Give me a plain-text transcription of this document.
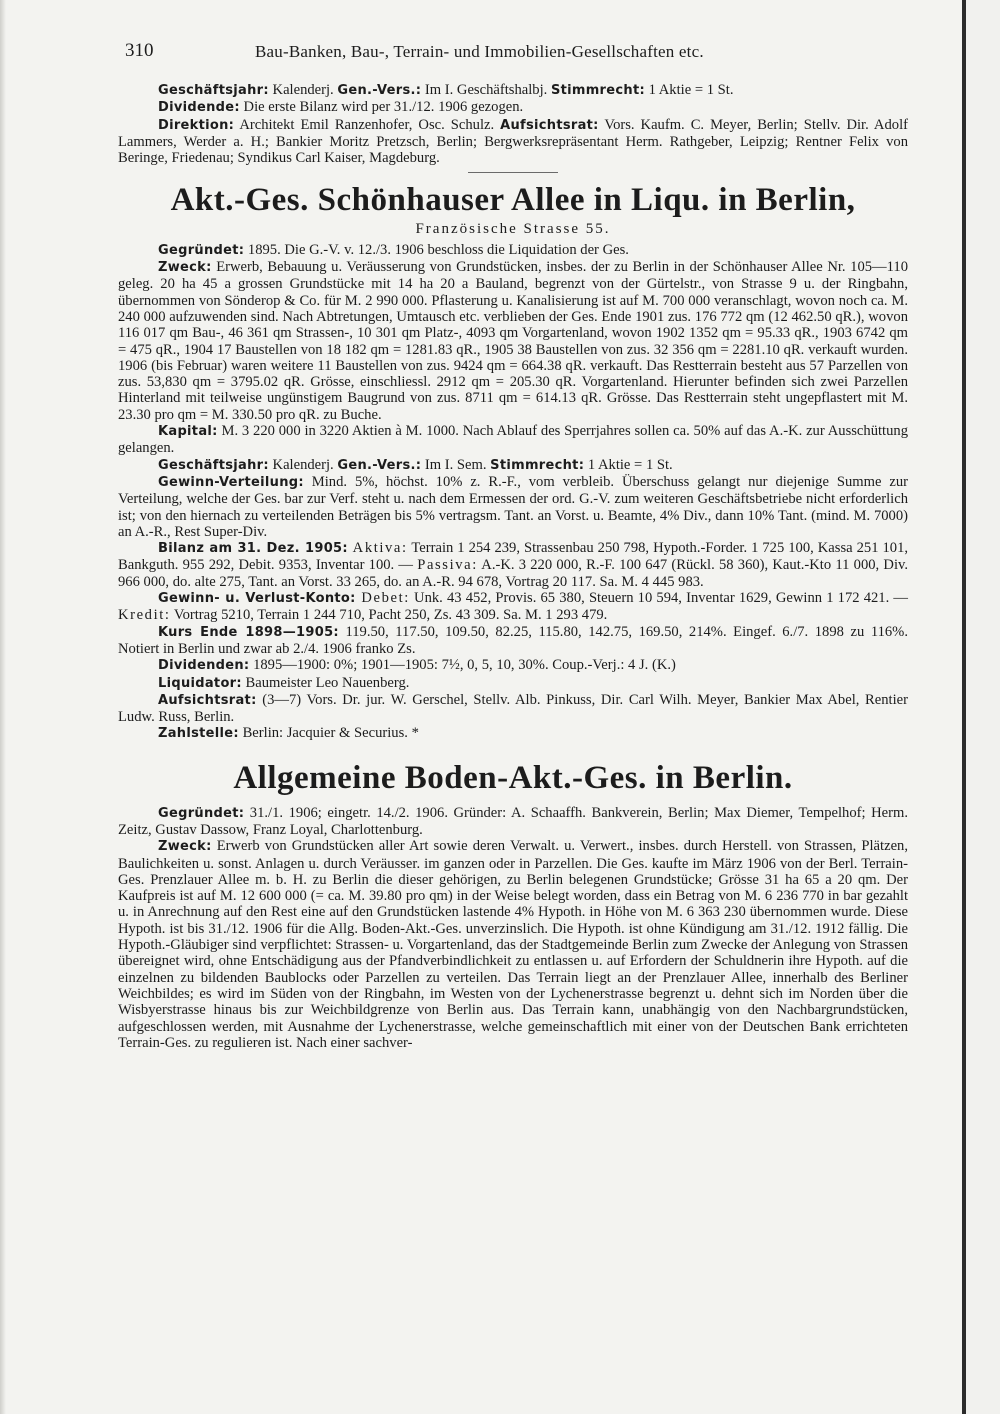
310	Bau-Banken, Bau-, Terrain- und Immobilien-Gesellschaften etc.

Geschäftsjahr: Kalenderj. Gen.-Vers.: Im I. Geschäftshalbj. Stimmrecht: 1 Aktie = 1 St.

Dividende: Die erste Bilanz wird per 31./12. 1906 gezogen.

Direktion: Architekt Emil Ranzenhofer, Osc. Schulz. Aufsichtsrat: Vors. Kaufm. C. Meyer, Berlin; Stellv. Dir. Adolf Lammers, Werder a. H.; Bankier Moritz Pretzsch, Berlin; Bergwerksrepräsentant Herm. Rathgeber, Leipzig; Rentner Felix von Beringe, Friedenau; Syndikus Carl Kaiser, Magdeburg.

Akt.-Ges. Schönhauser Allee in Liqu. in Berlin,
Französische Strasse 55.

Gegründet: 1895. Die G.-V. v. 12./3. 1906 beschloss die Liquidation der Ges.

Zweck: Erwerb, Bebauung u. Veräusserung von Grundstücken, insbes. der zu Berlin in der Schönhauser Allee Nr. 105—110 geleg. 20 ha 45 a grossen Grundstücke mit 14 ha 20 a Bauland, begrenzt von der Gürtelstr., von Strasse 9 u. der Ringbahn, übernommen von Sönderop & Co. für M. 2 990 000. Pflasterung u. Kanalisierung ist auf M. 700 000 veranschlagt, wovon noch ca. M. 240 000 aufzuwenden sind. Nach Abtretungen, Umtausch etc. verblieben der Ges. Ende 1901 zus. 176 772 qm (12 462.50 qR.), wovon 116 017 qm Bau-, 46 361 qm Strassen-, 10 301 qm Platz-, 4093 qm Vorgartenland, wovon 1902 1352 qm = 95.33 qR., 1903 6742 qm = 475 qR., 1904 17 Baustellen von 18 182 qm = 1281.83 qR., 1905 38 Baustellen von zus. 32 356 qm = 2281.10 qR. verkauft wurden. 1906 (bis Februar) waren weitere 11 Baustellen von zus. 9424 qm = 664.38 qR. verkauft. Das Restterrain besteht aus 57 Parzellen von zus. 53,830 qm = 3795.02 qR. Grösse, einschliessl. 2912 qm = 205.30 qR. Vorgartenland. Hierunter befinden sich zwei Parzellen Hinterland mit teilweise ungünstigem Baugrund von zus. 8711 qm = 614.13 qR. Grösse. Das Restterrain steht ungepflastert mit M. 23.30 pro qm = M. 330.50 pro qR. zu Buche.

Kapital: M. 3 220 000 in 3220 Aktien à M. 1000. Nach Ablauf des Sperrjahres sollen ca. 50% auf das A.-K. zur Ausschüttung gelangen.

Geschäftsjahr: Kalenderj. Gen.-Vers.: Im I. Sem. Stimmrecht: 1 Aktie = 1 St.

Gewinn-Verteilung: Mind. 5%, höchst. 10% z. R.-F., vom verbleib. Überschuss gelangt nur diejenige Summe zur Verteilung, welche der Ges. bar zur Verf. steht u. nach dem Ermessen der ord. G.-V. zum weiteren Geschäftsbetriebe nicht erforderlich ist; von den hiernach zu verteilenden Beträgen bis 5% vertragsm. Tant. an Vorst. u. Beamte, 4% Div., dann 10% Tant. (mind. M. 7000) an A.-R., Rest Super-Div.

Bilanz am 31. Dez. 1905: Aktiva: Terrain 1 254 239, Strassenbau 250 798, Hypoth.-Forder. 1 725 100, Kassa 251 101, Bankguth. 955 292, Debit. 9353, Inventar 100. — Passiva: A.-K. 3 220 000, R.-F. 100 647 (Rückl. 58 360), Kaut.-Kto 11 000, Div. 966 000, do. alte 275, Tant. an Vorst. 33 265, do. an A.-R. 94 678, Vortrag 20 117. Sa. M. 4 445 983.

Gewinn- u. Verlust-Konto: Debet: Unk. 43 452, Provis. 65 380, Steuern 10 594, Inventar 1629, Gewinn 1 172 421. — Kredit: Vortrag 5210, Terrain 1 244 710, Pacht 250, Zs. 43 309. Sa. M. 1 293 479.

Kurs Ende 1898—1905: 119.50, 117.50, 109.50, 82.25, 115.80, 142.75, 169.50, 214%. Eingef. 6./7. 1898 zu 116%. Notiert in Berlin und zwar ab 2./4. 1906 franko Zs.

Dividenden: 1895—1900: 0%; 1901—1905: 7½, 0, 5, 10, 30%. Coup.-Verj.: 4 J. (K.)

Liquidator: Baumeister Leo Nauenberg.

Aufsichtsrat: (3—7) Vors. Dr. jur. W. Gerschel, Stellv. Alb. Pinkuss, Dir. Carl Wilh. Meyer, Bankier Max Abel, Rentier Ludw. Russ, Berlin.

Zahlstelle: Berlin: Jacquier & Securius. *

Allgemeine Boden-Akt.-Ges. in Berlin.

Gegründet: 31./1. 1906; eingetr. 14./2. 1906. Gründer: A. Schaaffh. Bankverein, Berlin; Max Diemer, Tempelhof; Herm. Zeitz, Gustav Dassow, Franz Loyal, Charlottenburg.

Zweck: Erwerb von Grundstücken aller Art sowie deren Verwalt. u. Verwert., insbes. durch Herstell. von Strassen, Plätzen, Baulichkeiten u. sonst. Anlagen u. durch Veräusser. im ganzen oder in Parzellen. Die Ges. kaufte im März 1906 von der Berl. Terrain-Ges. Prenzlauer Allee m. b. H. zu Berlin die dieser gehörigen, zu Berlin belegenen Grundstücke; Grösse 31 ha 65 a 20 qm. Der Kaufpreis ist auf M. 12 600 000 (= ca. M. 39.80 pro qm) in der Weise belegt worden, dass ein Betrag von M. 6 236 770 in bar gezahlt u. in Anrechnung auf den Rest eine auf den Grundstücken lastende 4% Hypoth. in Höhe von M. 6 363 230 übernommen wurde. Diese Hypoth. ist bis 31./12. 1906 für die Allg. Boden-Akt.-Ges. unverzinslich. Die Hypoth. ist ohne Kündigung am 31./12. 1912 fällig. Die Hypoth.-Gläubiger sind verpflichtet: Strassen- u. Vorgartenland, das der Stadtgemeinde Berlin zum Zwecke der Anlegung von Strassen übereignet wird, ohne Entschädigung aus der Pfandverbindlichkeit zu entlassen u. auf Erfordern der Schuldnerin ihre Hypoth. auf die einzelnen zu bildenden Baublocks oder Parzellen zu verteilen. Das Terrain liegt an der Prenzlauer Allee, innerhalb des Berliner Weichbildes; es wird im Süden von der Ringbahn, im Westen von der Lychenerstrasse begrenzt u. dehnt sich im Norden über die Wisbyerstrasse hinaus bis zur Weichbildgrenze von Berlin aus. Das Terrain kann, unabhängig von den Nachbargrundstücken, aufgeschlossen werden, mit Ausnahme der Lychenerstrasse, welche gemeinschaftlich mit einer von der Deutschen Bank errichteten Terrain-Ges. zu regulieren ist. Nach einer sachver-
